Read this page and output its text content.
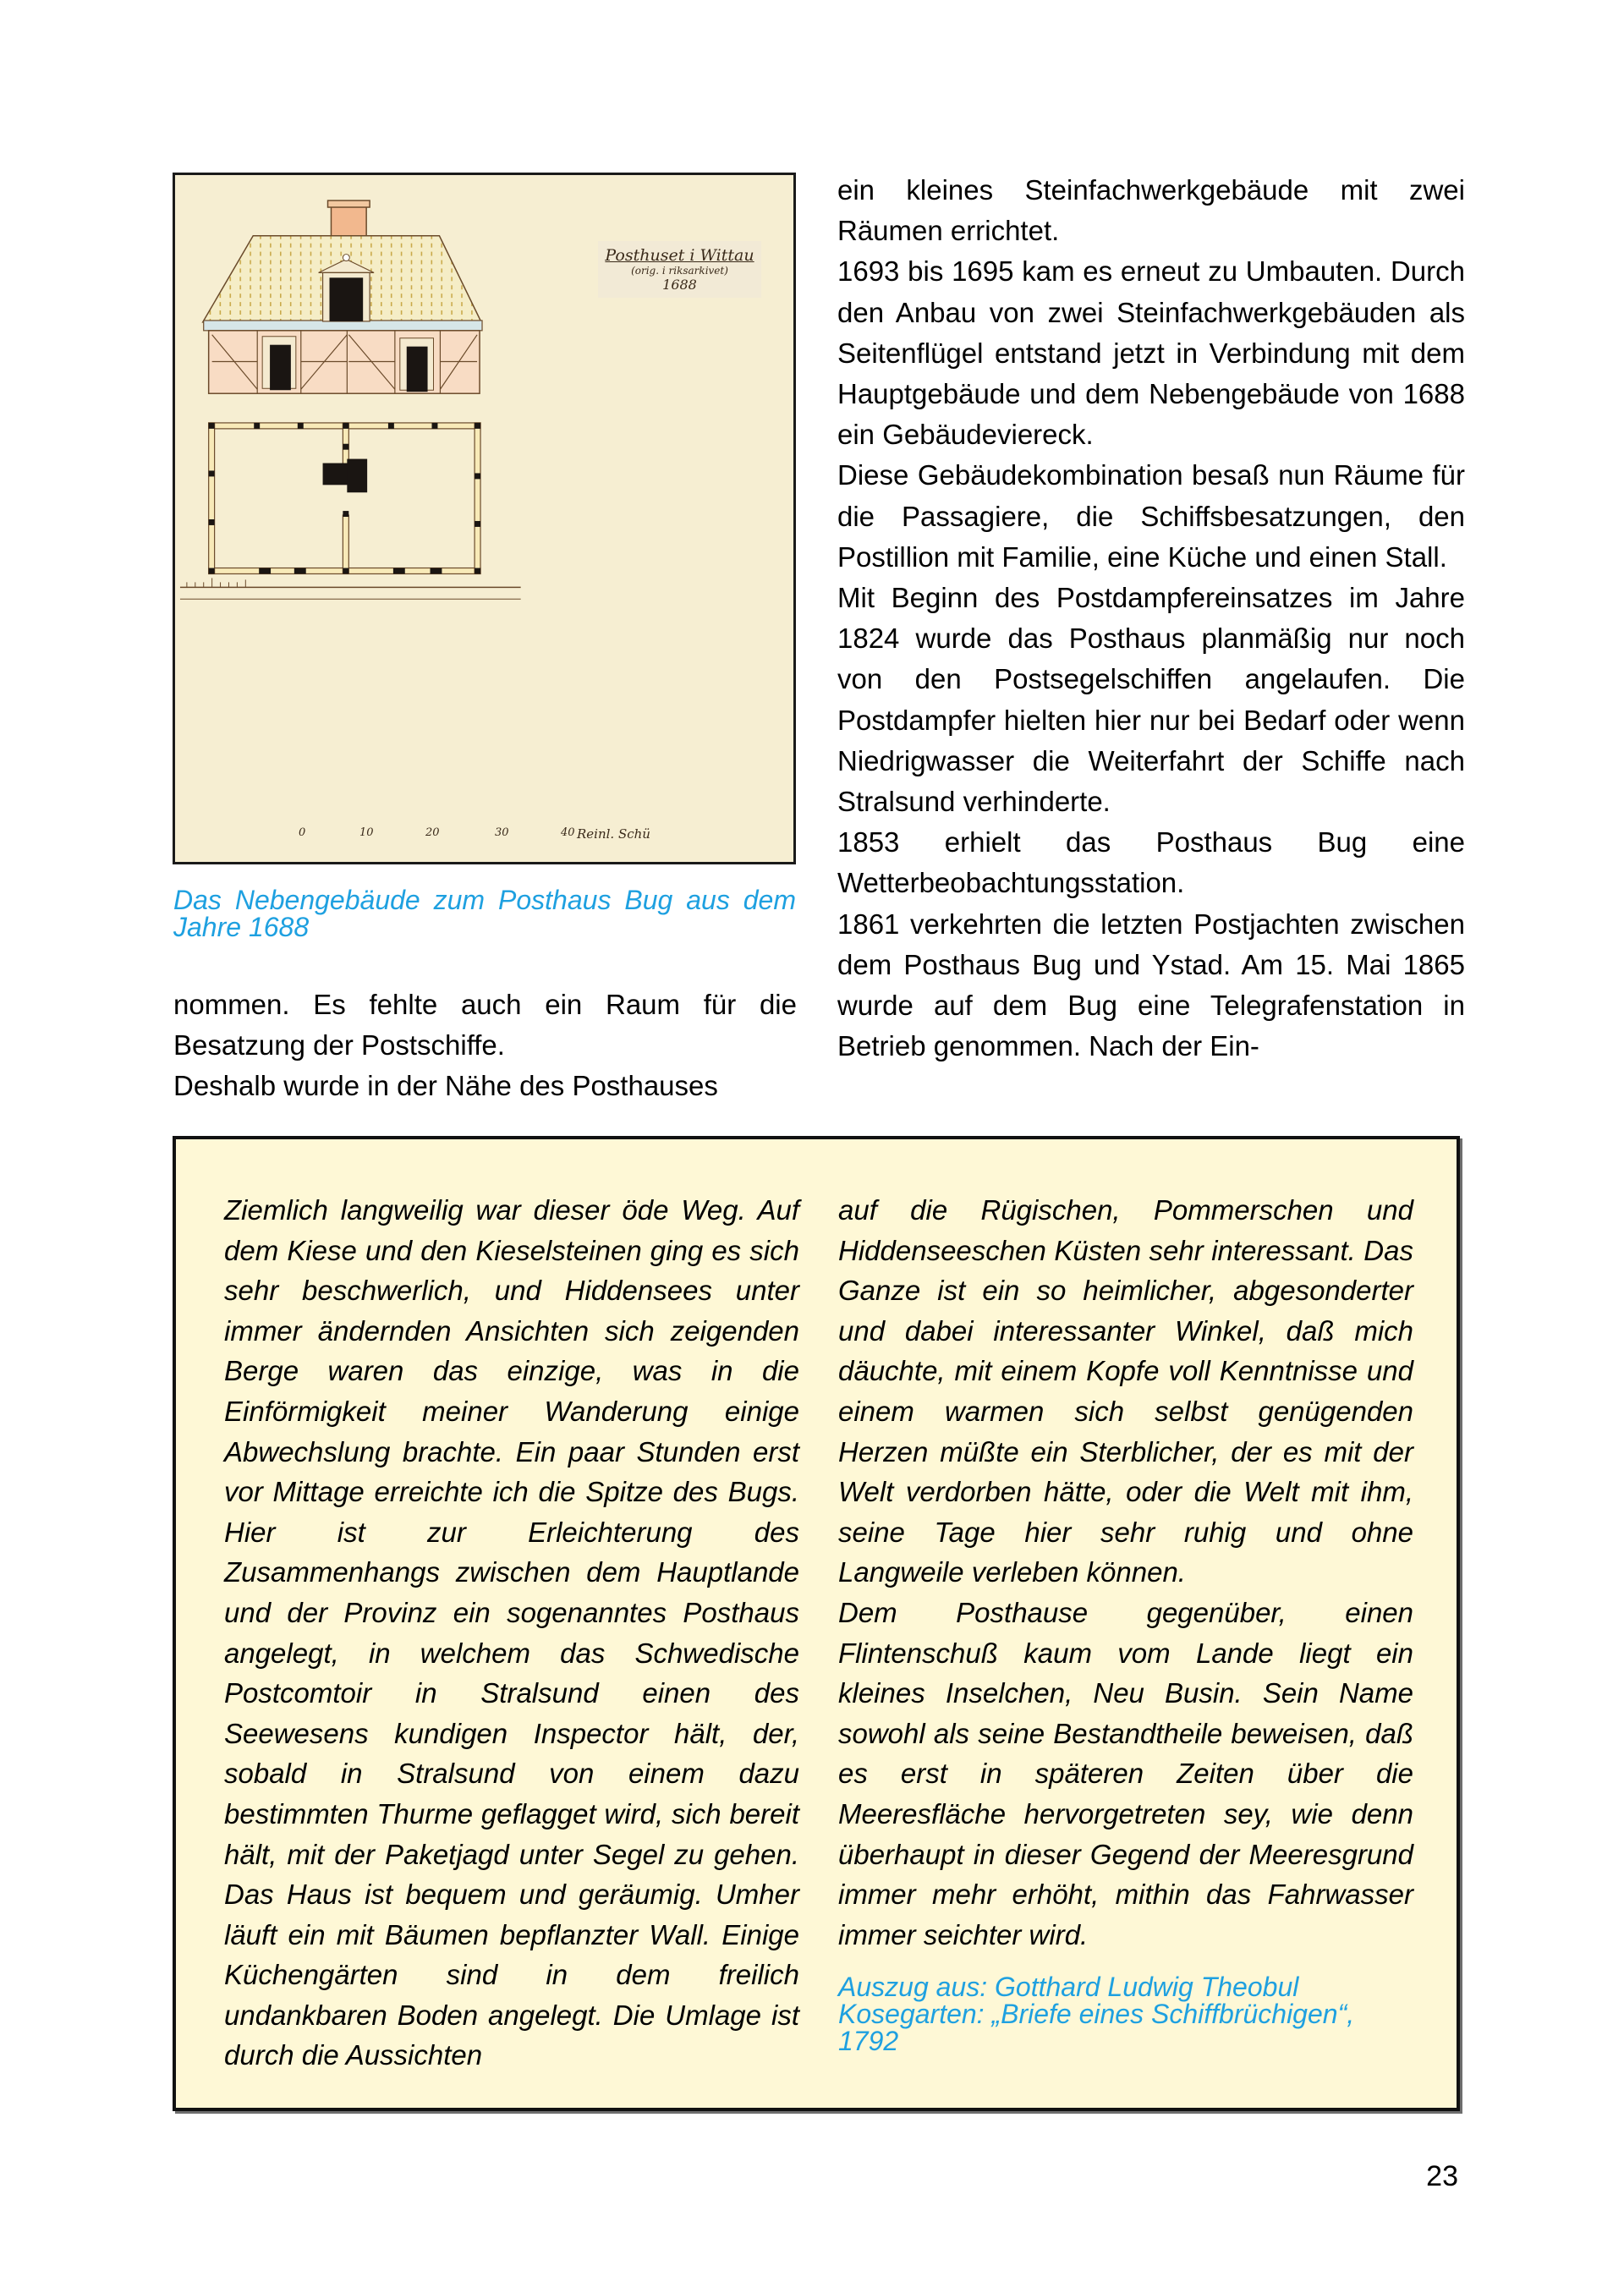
Posthuset i Wittau
(orig. i riksarkivet)
1688
0	10	20	30	40 Reinl. Schü
Das Nebengebäude zum Posthaus Bug aus dem Jahre 1688

nommen. Es fehlte auch ein Raum für die Besatzung der Postschiffe.

Deshalb wurde in der Nähe des Posthauses

ein kleines Steinfachwerkgebäude mit zwei Räumen errichtet.

1693 bis 1695 kam es erneut zu Umbauten. Durch den Anbau von zwei Steinfachwerkgebäuden als Seitenflügel entstand jetzt in Verbindung mit dem Hauptgebäude und dem Nebengebäude von 1688 ein Gebäudeviereck.

Diese Gebäudekombination besaß nun Räume für die Passagiere, die Schiffsbesatzungen, den Postillion mit Familie, eine Küche und einen Stall.

Mit Beginn des Postdampfereinsatzes im Jahre 1824 wurde das Posthaus planmäßig nur noch von den Postsegelschiffen angelaufen. Die Postdampfer hielten hier nur bei Bedarf oder wenn Niedrigwasser die Weiterfahrt der Schiffe nach Stralsund verhinderte.

1853 erhielt das Posthaus Bug eine Wetterbeobachtungsstation.

1861 verkehrten die letzten Postjachten zwischen dem Posthaus Bug und Ystad. Am 15. Mai 1865 wurde auf dem Bug eine Telegrafenstation in Betrieb genommen. Nach der Ein-

Ziemlich langweilig war dieser öde Weg. Auf dem Kiese und den Kieselsteinen ging es sich sehr beschwerlich, und Hiddensees unter immer ändernden Ansichten sich zeigenden Berge waren das einzige, was in die Einförmigkeit meiner Wanderung einige Abwechslung brachte. Ein paar Stunden erst vor Mittage erreichte ich die Spitze des Bugs. Hier ist zur Erleichterung des Zusammenhangs zwischen dem Hauptlande und der Provinz ein sogenanntes Posthaus angelegt, in welchem das Schwedische Postcomtoir in Stralsund einen des Seewesens kundigen Inspector hält, der, sobald in Stralsund von einem dazu bestimmten Thurme geflagget wird, sich bereit hält, mit der Paketjagd unter Segel zu gehen. Das Haus ist bequem und geräumig. Umher läuft ein mit Bäumen bepflanzter Wall. Einige Küchengärten sind in dem freilich undankbaren Boden angelegt. Die Umlage ist durch die Aussichten

auf die Rügischen, Pommerschen und Hiddenseeschen Küsten sehr interessant. Das Ganze ist ein so heimlicher, abgesonderter und dabei interessanter Winkel, daß mich däuchte, mit einem Kopfe voll Kenntnisse und einem warmen sich selbst genügenden Herzen müßte ein Sterblicher, der es mit der Welt verdorben hätte, oder die Welt mit ihm, seine Tage hier sehr ruhig und ohne Langweile verleben können.

Dem Posthause gegenüber, einen Flintenschuß kaum vom Lande liegt ein kleines Inselchen, Neu Busin. Sein Name sowohl als seine Bestandtheile beweisen, daß es erst in späteren Zeiten über die Meeresfläche hervorgetreten sey, wie denn überhaupt in dieser Gegend der Meeresgrund immer mehr erhöht, mithin das Fahrwasser immer seichter wird.

Auszug aus: Gotthard Ludwig Theobul Kosegarten: „Briefe eines Schiffbrüchigen“, 1792

23
